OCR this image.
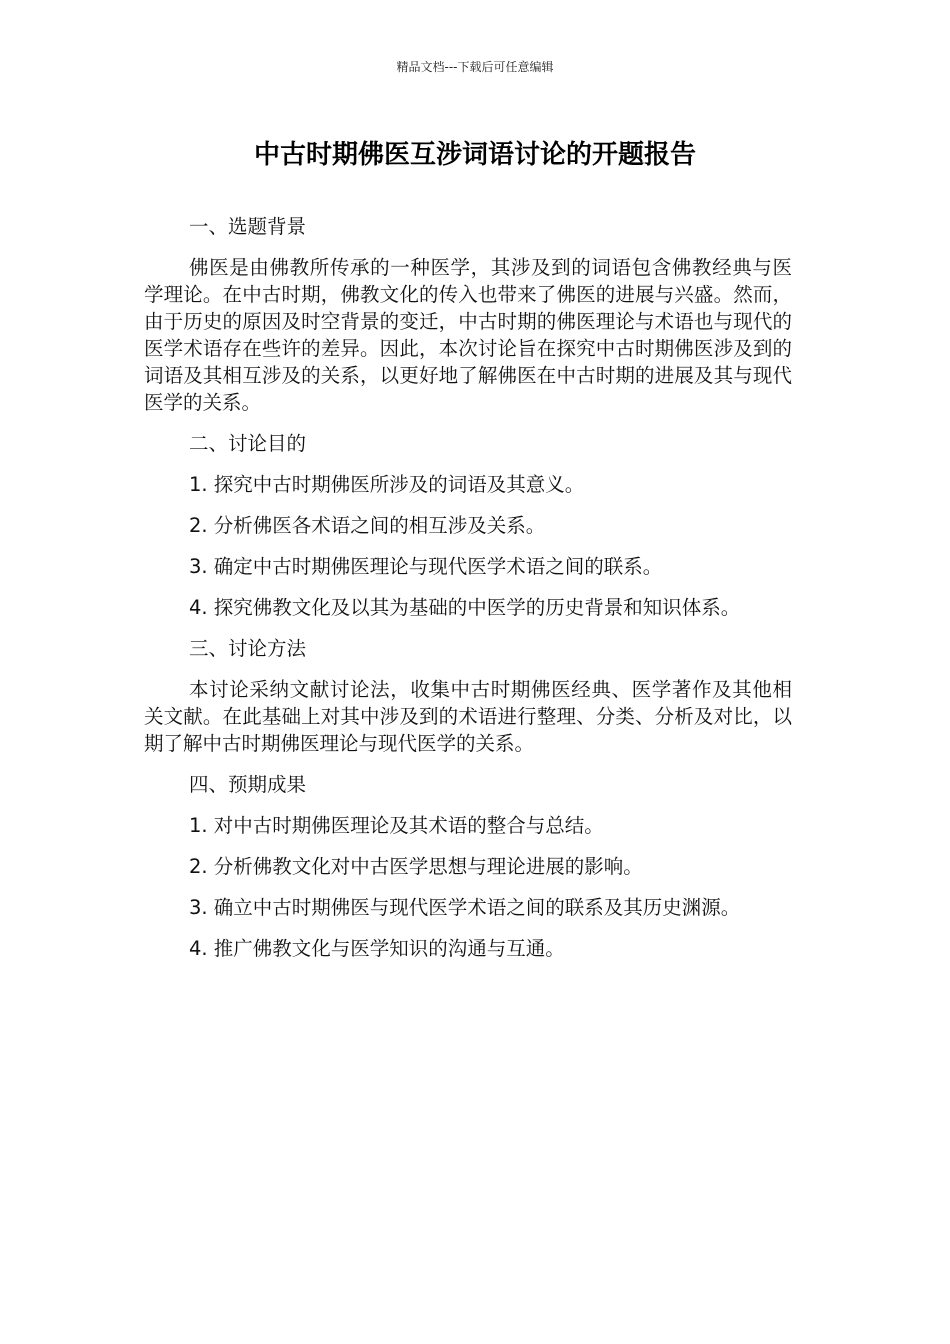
精品文档---下载后可任意编辑
中古时期佛医互涉词语讨论的开题报告
一、选题背景

佛医是由佛教所传承的一种医学，其涉及到的词语包含佛教经典与医学理论。在中古时期，佛教文化的传入也带来了佛医的进展与兴盛。然而，由于历史的原因及时空背景的变迁，中古时期的佛医理论与术语也与现代的医学术语存在些许的差异。因此，本次讨论旨在探究中古时期佛医涉及到的词语及其相互涉及的关系，以更好地了解佛医在中古时期的进展及其与现代医学的关系。

二、讨论目的
1. 探究中古时期佛医所涉及的词语及其意义。
2. 分析佛医各术语之间的相互涉及关系。
3. 确定中古时期佛医理论与现代医学术语之间的联系。
4. 探究佛教文化及以其为基础的中医学的历史背景和知识体系。
三、讨论方法

本讨论采纳文献讨论法，收集中古时期佛医经典、医学著作及其他相关文献。在此基础上对其中涉及到的术语进行整理、分类、分析及对比，以期了解中古时期佛医理论与现代医学的关系。

四、预期成果
1. 对中古时期佛医理论及其术语的整合与总结。
2. 分析佛教文化对中古医学思想与理论进展的影响。
3. 确立中古时期佛医与现代医学术语之间的联系及其历史渊源。
4. 推广佛教文化与医学知识的沟通与互通。
